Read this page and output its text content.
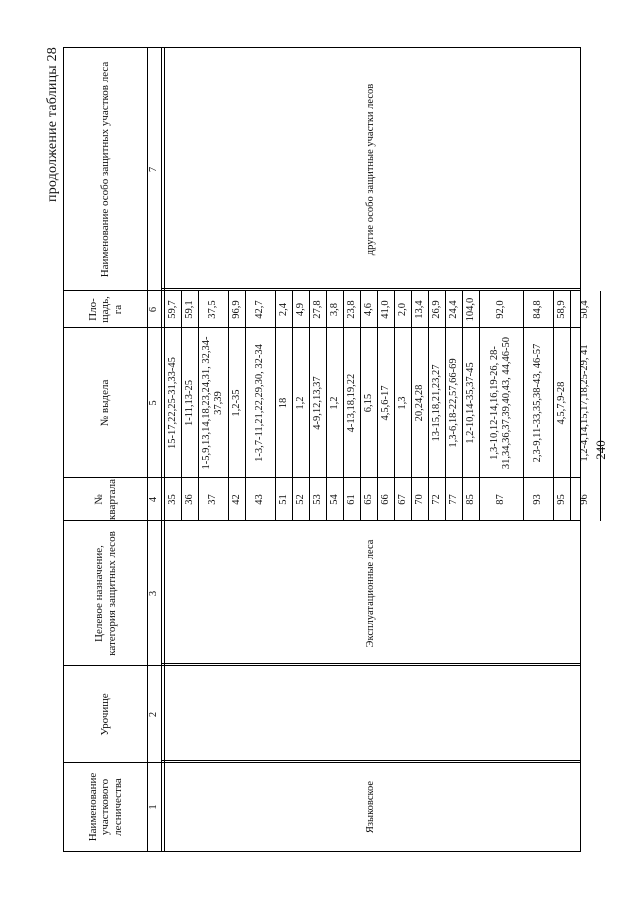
продолжение таблицы 28
Наименование участкового лесничества
Урочище
Целевое назначение, категория защитных лесов
№ квартала
№ выдела
Пло-щадь, га
Наименование особо защитных участков леса
1
2
3
4
5
6
7
Языковское
Эксплуатационные леса
другие особо защитные участки лесов
35
15-17,22,25-31,33-45
59,7
36
1-11,13-25
59,1
37
1-5,9,13,14,18,23,24,31, 32,34-37,39
37,5
42
1,2-35
96,9
43
1-3,7-11,21,22,29,30, 32-34
42,7
51
18
2,4
52
1,2
4,9
53
4-9,12,13,37
27,8
54
1,2
3,8
61
4-13,18,19,22
23,8
65
6,15
4,6
66
4,5,6-17
41,0
67
1,3
2,0
70
20,24,28
13,4
72
13-15,18,21,23,27
26,9
77
1,3-6,18-22,57,66-69
24,4
85
1,2-10,14-35,37-45
104,0
87
1,3-10,12-14,16,19-26, 28-31,34,36,37,39,40,43, 44,46-50
92,0
93
2,3-9,11-33,35,38-43, 46-57
84,8
95
4,5,7,9-28
58,9
96
1,2-4,14,15,17,18,25-29, 41
50,4
240
